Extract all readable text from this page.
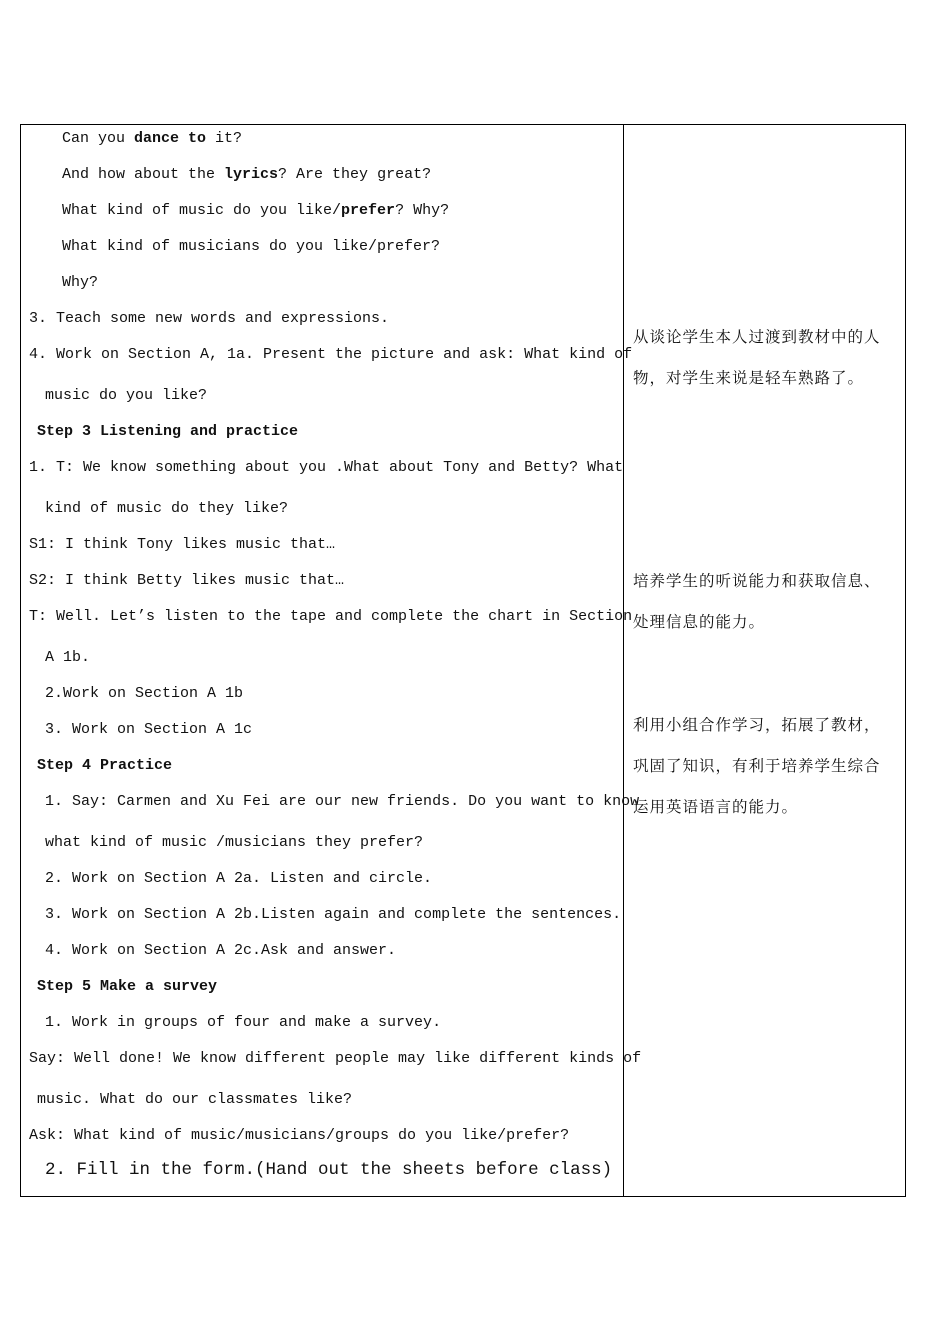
Can you dance to it?
And how about the lyrics? Are they great?
What kind of music do you like/prefer? Why?
What kind of musicians do you like/prefer?
Why?
3. Teach some new words and expressions.
4. Work on Section A, 1a. Present the picture and ask: What kind of
music do you like?
Step 3 Listening and practice
1. T: We know something about you .What about Tony and Betty? What
kind of music do they like?
S1: I think Tony likes music that…
S2: I think Betty likes music that…
T: Well. Let’s listen to the tape and complete the chart in Section
A 1b.
2.Work on Section A 1b
3. Work on Section A 1c
Step 4 Practice
1. Say: Carmen and Xu Fei are our new friends. Do you want to know
what kind of music /musicians they prefer?
2. Work on Section A 2a. Listen and circle.
3. Work on Section A 2b.Listen again and complete the sentences.
4. Work on Section A 2c.Ask and answer.
Step 5 Make a survey
1. Work in groups of four and make a survey.
Say: Well done! We know different people may like different kinds of
music. What do our classmates like?
Ask: What kind of music/musicians/groups do you like/prefer?
2. Fill in the form.(Hand out the sheets before class)
从谈论学生本人过渡到教材中的人
物，对学生来说是轻车熟路了。
培养学生的听说能力和获取信息、
处理信息的能力。
利用小组合作学习，拓展了教材，
巩固了知识，有利于培养学生综合
运用英语语言的能力。
